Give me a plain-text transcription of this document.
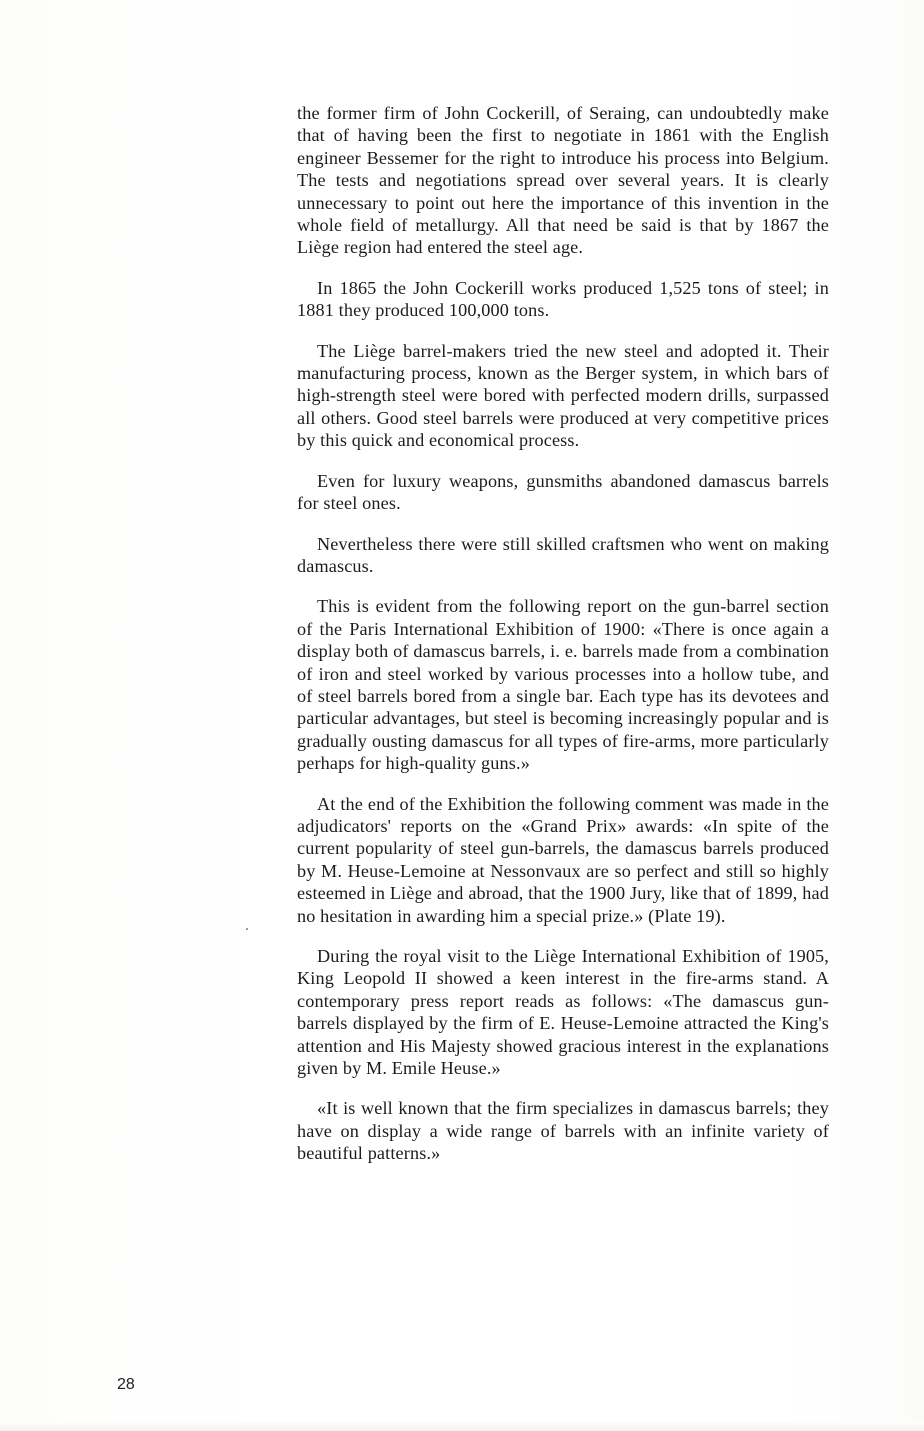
the former firm of John Cockerill, of Seraing, can undoubtedly make that of having been the first to negotiate in 1861 with the English engineer Bessemer for the right to introduce his process into Belgium. The tests and negotiations spread over several years. It is clearly unnecessary to point out here the importance of this invention in the whole field of metallurgy. All that need be said is that by 1867 the Liège region had entered the steel age.

In 1865 the John Cockerill works produced 1,525 tons of steel; in 1881 they produced 100,000 tons.

The Liège barrel-makers tried the new steel and adopted it. Their manufacturing process, known as the Berger system, in which bars of high-strength steel were bored with perfected modern drills, surpassed all others. Good steel barrels were produced at very competitive prices by this quick and economical process.

Even for luxury weapons, gunsmiths abandoned damascus barrels for steel ones.

Nevertheless there were still skilled craftsmen who went on making damascus.

This is evident from the following report on the gun-barrel section of the Paris International Exhibition of 1900: «There is once again a display both of damascus barrels, i. e. barrels made from a combination of iron and steel worked by various processes into a hollow tube, and of steel barrels bored from a single bar. Each type has its devotees and particular advantages, but steel is becoming increasingly popular and is gradually ousting damascus for all types of fire-arms, more particularly perhaps for high-quality guns.»

At the end of the Exhibition the following comment was made in the adjudicators' reports on the «Grand Prix» awards: «In spite of the current popularity of steel gun-barrels, the damascus barrels produced by M. Heuse-Lemoine at Nessonvaux are so perfect and still so highly esteemed in Liège and abroad, that the 1900 Jury, like that of 1899, had no hesitation in awarding him a special prize.» (Plate 19).

During the royal visit to the Liège International Exhibition of 1905, King Leopold II showed a keen interest in the fire-arms stand. A contemporary press report reads as follows: «The damascus gun-barrels displayed by the firm of E. Heuse-Lemoine attracted the King's attention and His Majesty showed gracious interest in the explanations given by M. Emile Heuse.»

«It is well known that the firm specializes in damascus barrels; they have on display a wide range of barrels with an infinite variety of beautiful patterns.»

28
